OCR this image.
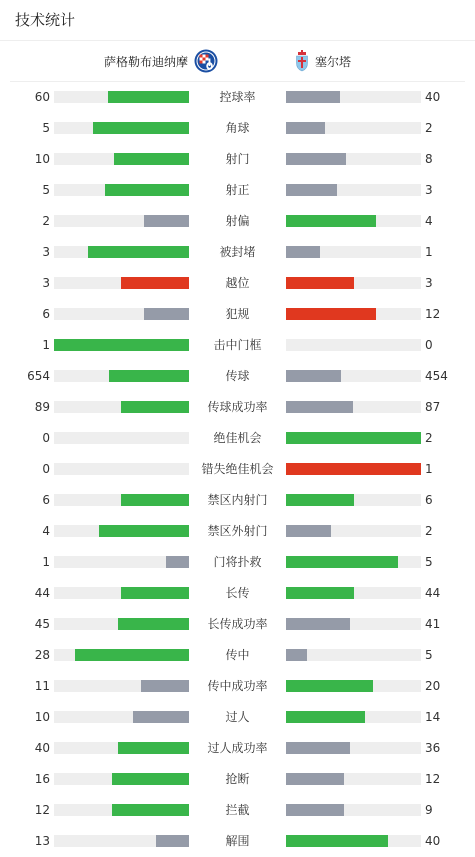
技术统计
萨格勒布迪纳摩	塞尔塔
60	控球率	40
5	角球	2
10	射门	8
5	射正	3
2	射偏	4
3	被封堵	1
3	越位	3
6	犯规	12
1	击中门框	0
654	传球	454
89	传球成功率	87
0	绝佳机会	2
0	错失绝佳机会	1
6	禁区内射门	6
4	禁区外射门	2
1	门将扑救	5
44	长传	44
45	长传成功率	41
28	传中	5
11	传中成功率	20
10	过人	14
40	过人成功率	36
16	抢断	12
12	拦截	9
13	解围	40
